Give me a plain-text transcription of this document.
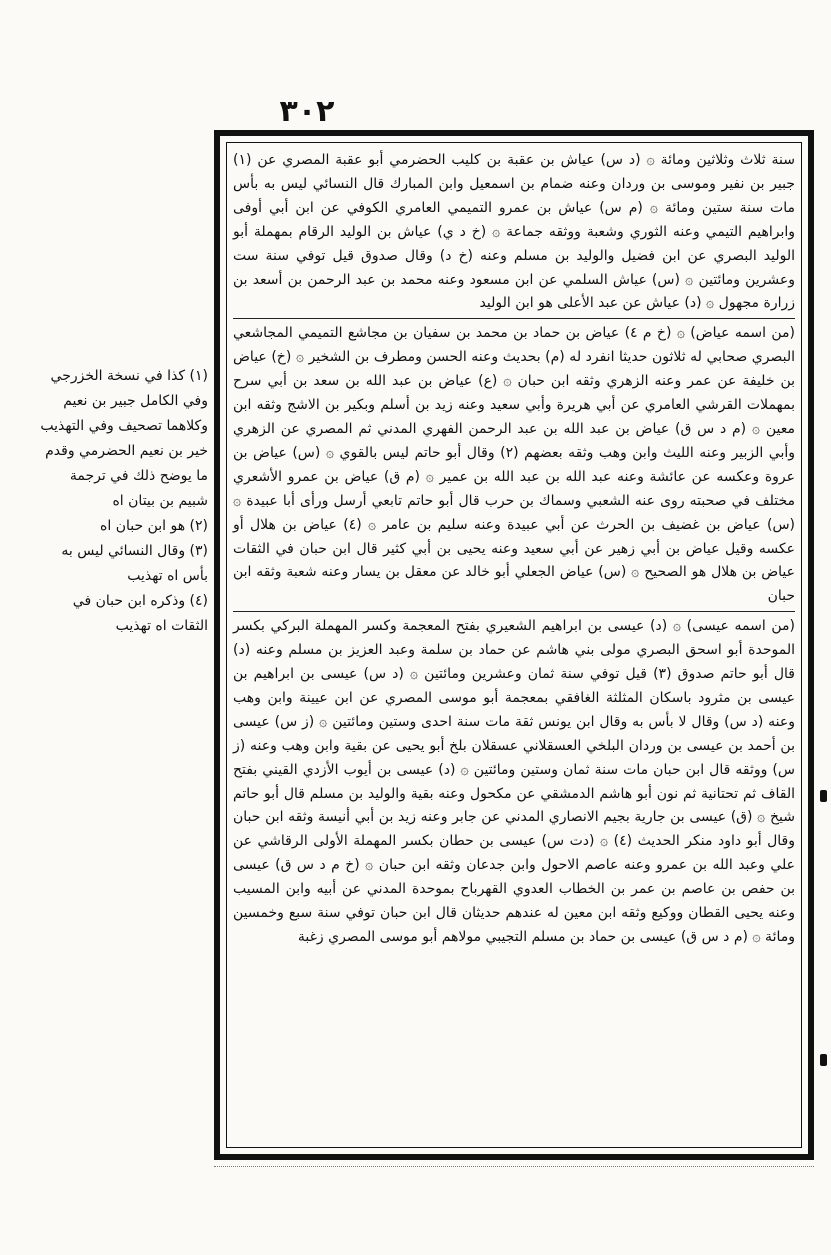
٣٠٢

سنة ثلاث وثلاثين ومائة ۞ (د س) عياش بن عقبة بن كليب الحضرمي أبو عقبة المصري عن (١) جبير بن نفير وموسى بن وردان وعنه ضمام بن اسمعيل وابن المبارك قال النسائي ليس به بأس مات سنة ستين ومائة ۞ (م س) عياش بن عمرو التميمي العامري الكوفي عن ابن أبي أوفى وابراهيم التيمي وعنه الثوري وشعبة ووثقه جماعة ۞ (خ د ي) عياش بن الوليد الرقام بمهملة أبو الوليد البصري عن ابن فضيل والوليد بن مسلم وعنه (خ د) وقال صدوق قيل توفي سنة ست وعشرين ومائتين ۞ (س) عياش السلمي عن ابن مسعود وعنه محمد بن عبد الرحمن بن أسعد بن زرارة مجهول ۞ (د) عياش عن عبد الأعلى هو ابن الوليد

(من اسمه عياض) ۞ (خ م ٤) عياض بن حماد بن محمد بن سفيان بن مجاشع التميمي المجاشعي البصري صحابي له ثلاثون حديثا انفرد له (م) بحديث وعنه الحسن ومطرف بن الشخير ۞ (خ) عياض بن خليفة عن عمر وعنه الزهري وثقه ابن حبان ۞ (ع) عياض بن عبد الله بن سعد بن أبي سرح بمهملات القرشي العامري عن أبي هريرة وأبي سعيد وعنه زيد بن أسلم وبكير بن الاشج وثقه ابن معين ۞ (م د س ق) عياض بن عبد الله بن عبد الرحمن الفهري المدني ثم المصري عن الزهري وأبي الزبير وعنه الليث وابن وهب وثقه بعضهم (٢) وقال أبو حاتم ليس بالقوي ۞ (س) عياض بن عروة وعكسه عن عائشة وعنه عبد الله بن عبد الله بن عمير ۞ (م ق) عياض بن عمرو الأشعري مختلف في صحبته روى عنه الشعبي وسماك بن حرب قال أبو حاتم تابعي أرسل ورأى أبا عبيدة ۞ (س) عياض بن غضيف بن الحرث عن أبي عبيدة وعنه سليم بن عامر ۞ (٤) عياض بن هلال أو عكسه وقيل عياض بن أبي زهير عن أبي سعيد وعنه يحيى بن أبي كثير قال ابن حبان في الثقات عياض بن هلال هو الصحيح ۞ (س) عياض الجعلي أبو خالد عن معقل بن يسار وعنه شعبة وثقه ابن حبان

(من اسمه عيسى) ۞ (د) عيسى بن ابراهيم الشعيري بفتح المعجمة وكسر المهملة البركي بكسر الموحدة أبو اسحق البصري مولى بني هاشم عن حماد بن سلمة وعبد العزيز بن مسلم وعنه (د) قال أبو حاتم صدوق (٣) قيل توفي سنة ثمان وعشرين ومائتين ۞ (د س) عيسى بن ابراهيم بن عيسى بن مثرود باسكان المثلثة الغافقي بمعجمة أبو موسى المصري عن ابن عيينة وابن وهب وعنه (د س) وقال لا بأس به وقال ابن يونس ثقة مات سنة احدى وستين ومائتين ۞ (ز س) عيسى بن أحمد بن عيسى بن وردان البلخي العسقلاني عسقلان بلخ أبو يحيى عن بقية وابن وهب وعنه (ز س) ووثقه قال ابن حبان مات سنة ثمان وستين ومائتين ۞ (د) عيسى بن أيوب الأزدي القيني بفتح القاف ثم تحتانية ثم نون أبو هاشم الدمشقي عن مكحول وعنه بقية والوليد بن مسلم قال أبو حاتم شيخ ۞ (ق) عيسى بن جارية بجيم الانصاري المدني عن جابر وعنه زيد بن أبي أنيسة وثقه ابن حبان وقال أبو داود منكر الحديث (٤) ۞ (دت س) عيسى بن حطان بكسر المهملة الأولى الرقاشي عن علي وعبد الله بن عمرو وعنه عاصم الاحول وابن جدعان وثقه ابن حبان ۞ (خ م د س ق) عيسى بن حفص بن عاصم بن عمر بن الخطاب العدوي القهرباح بموحدة المدني عن أبيه وابن المسيب وعنه يحيى القطان ووكيع وثقه ابن معين له عندهم حديثان قال ابن حبان توفي سنة سبع وخمسين ومائة ۞ (م د س ق) عيسى بن حماد بن مسلم التجيبي مولاهم أبو موسى المصري زغبة

(١) كذا في نسخة الخزرجي وفي الكامل جبير بن نعيم وكلاهما تصحيف وفي التهذيب خير بن نعيم الحضرمي وقدم ما يوضح ذلك في ترجمة شبيم بن بيتان اه

(٢) هو ابن حبان اه

(٣) وقال النسائي ليس به بأس اه تهذيب

(٤) وذكره ابن حبان في الثقات اه تهذيب
